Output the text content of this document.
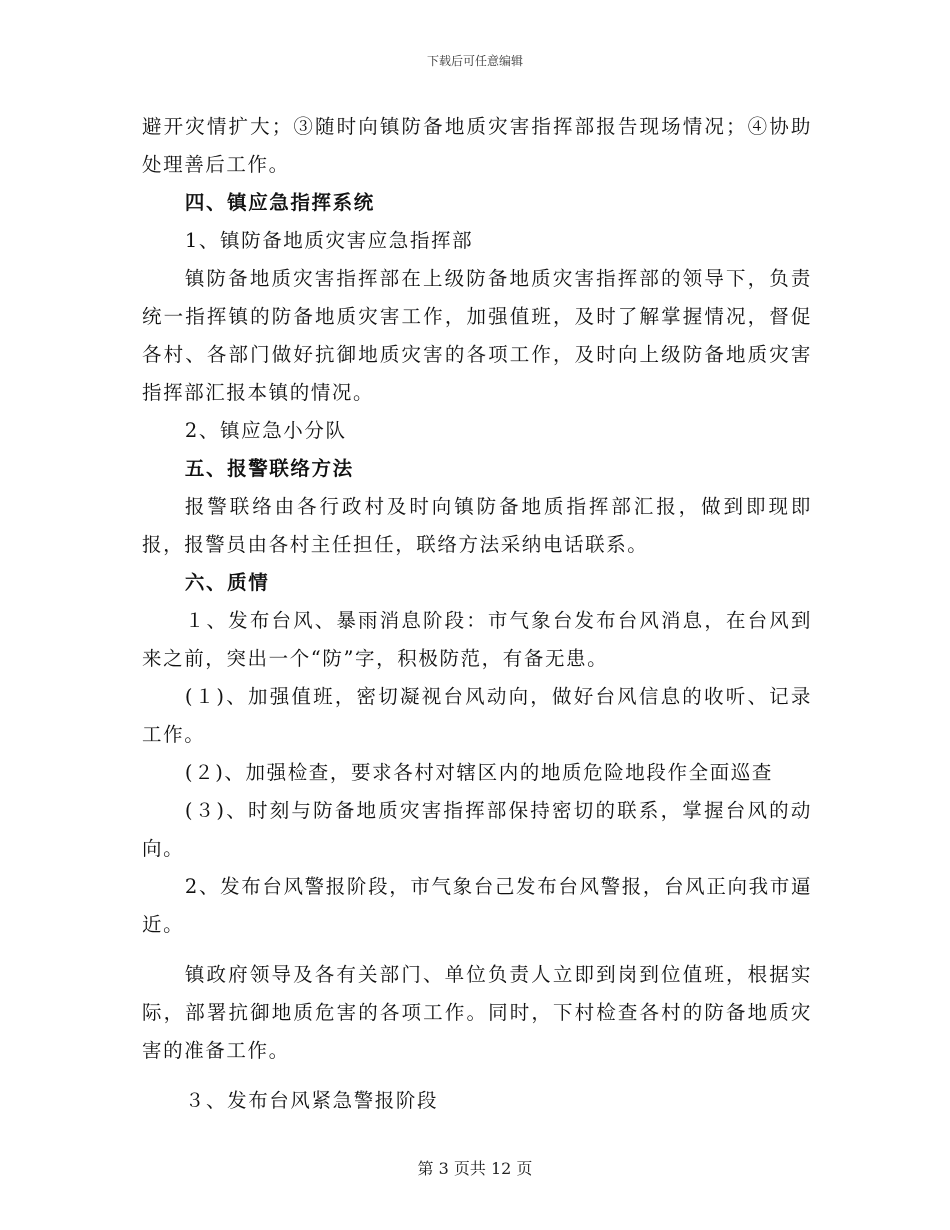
下载后可任意编辑

避开灾情扩大；③随时向镇防备地质灾害指挥部报告现场情况；④协助处理善后工作。

四、镇应急指挥系统

1、镇防备地质灾害应急指挥部

镇防备地质灾害指挥部在上级防备地质灾害指挥部的领导下，负责统一指挥镇的防备地质灾害工作，加强值班，及时了解掌握情况，督促各村、各部门做好抗御地质灾害的各项工作，及时向上级防备地质灾害指挥部汇报本镇的情况。

2、镇应急小分队

五、报警联络方法

报警联络由各行政村及时向镇防备地质指挥部汇报，做到即现即报，报警员由各村主任担任，联络方法采纳电话联系。

六、质情

１、发布台风、暴雨消息阶段：市气象台发布台风消息，在台风到来之前，突出一个“防”字，积极防范，有备无患。

(１)、加强值班，密切凝视台风动向，做好台风信息的收听、记录工作。

(２)、加强检查，要求各村对辖区内的地质危险地段作全面巡查

(３)、时刻与防备地质灾害指挥部保持密切的联系，掌握台风的动向。

2、发布台风警报阶段，市气象台己发布台风警报，台风正向我市逼近。

镇政府领导及各有关部门、单位负责人立即到岗到位值班，根据实际，部署抗御地质危害的各项工作。同时，下村检查各村的防备地质灾害的准备工作。

３、发布台风紧急警报阶段

第 3 页共 12 页
